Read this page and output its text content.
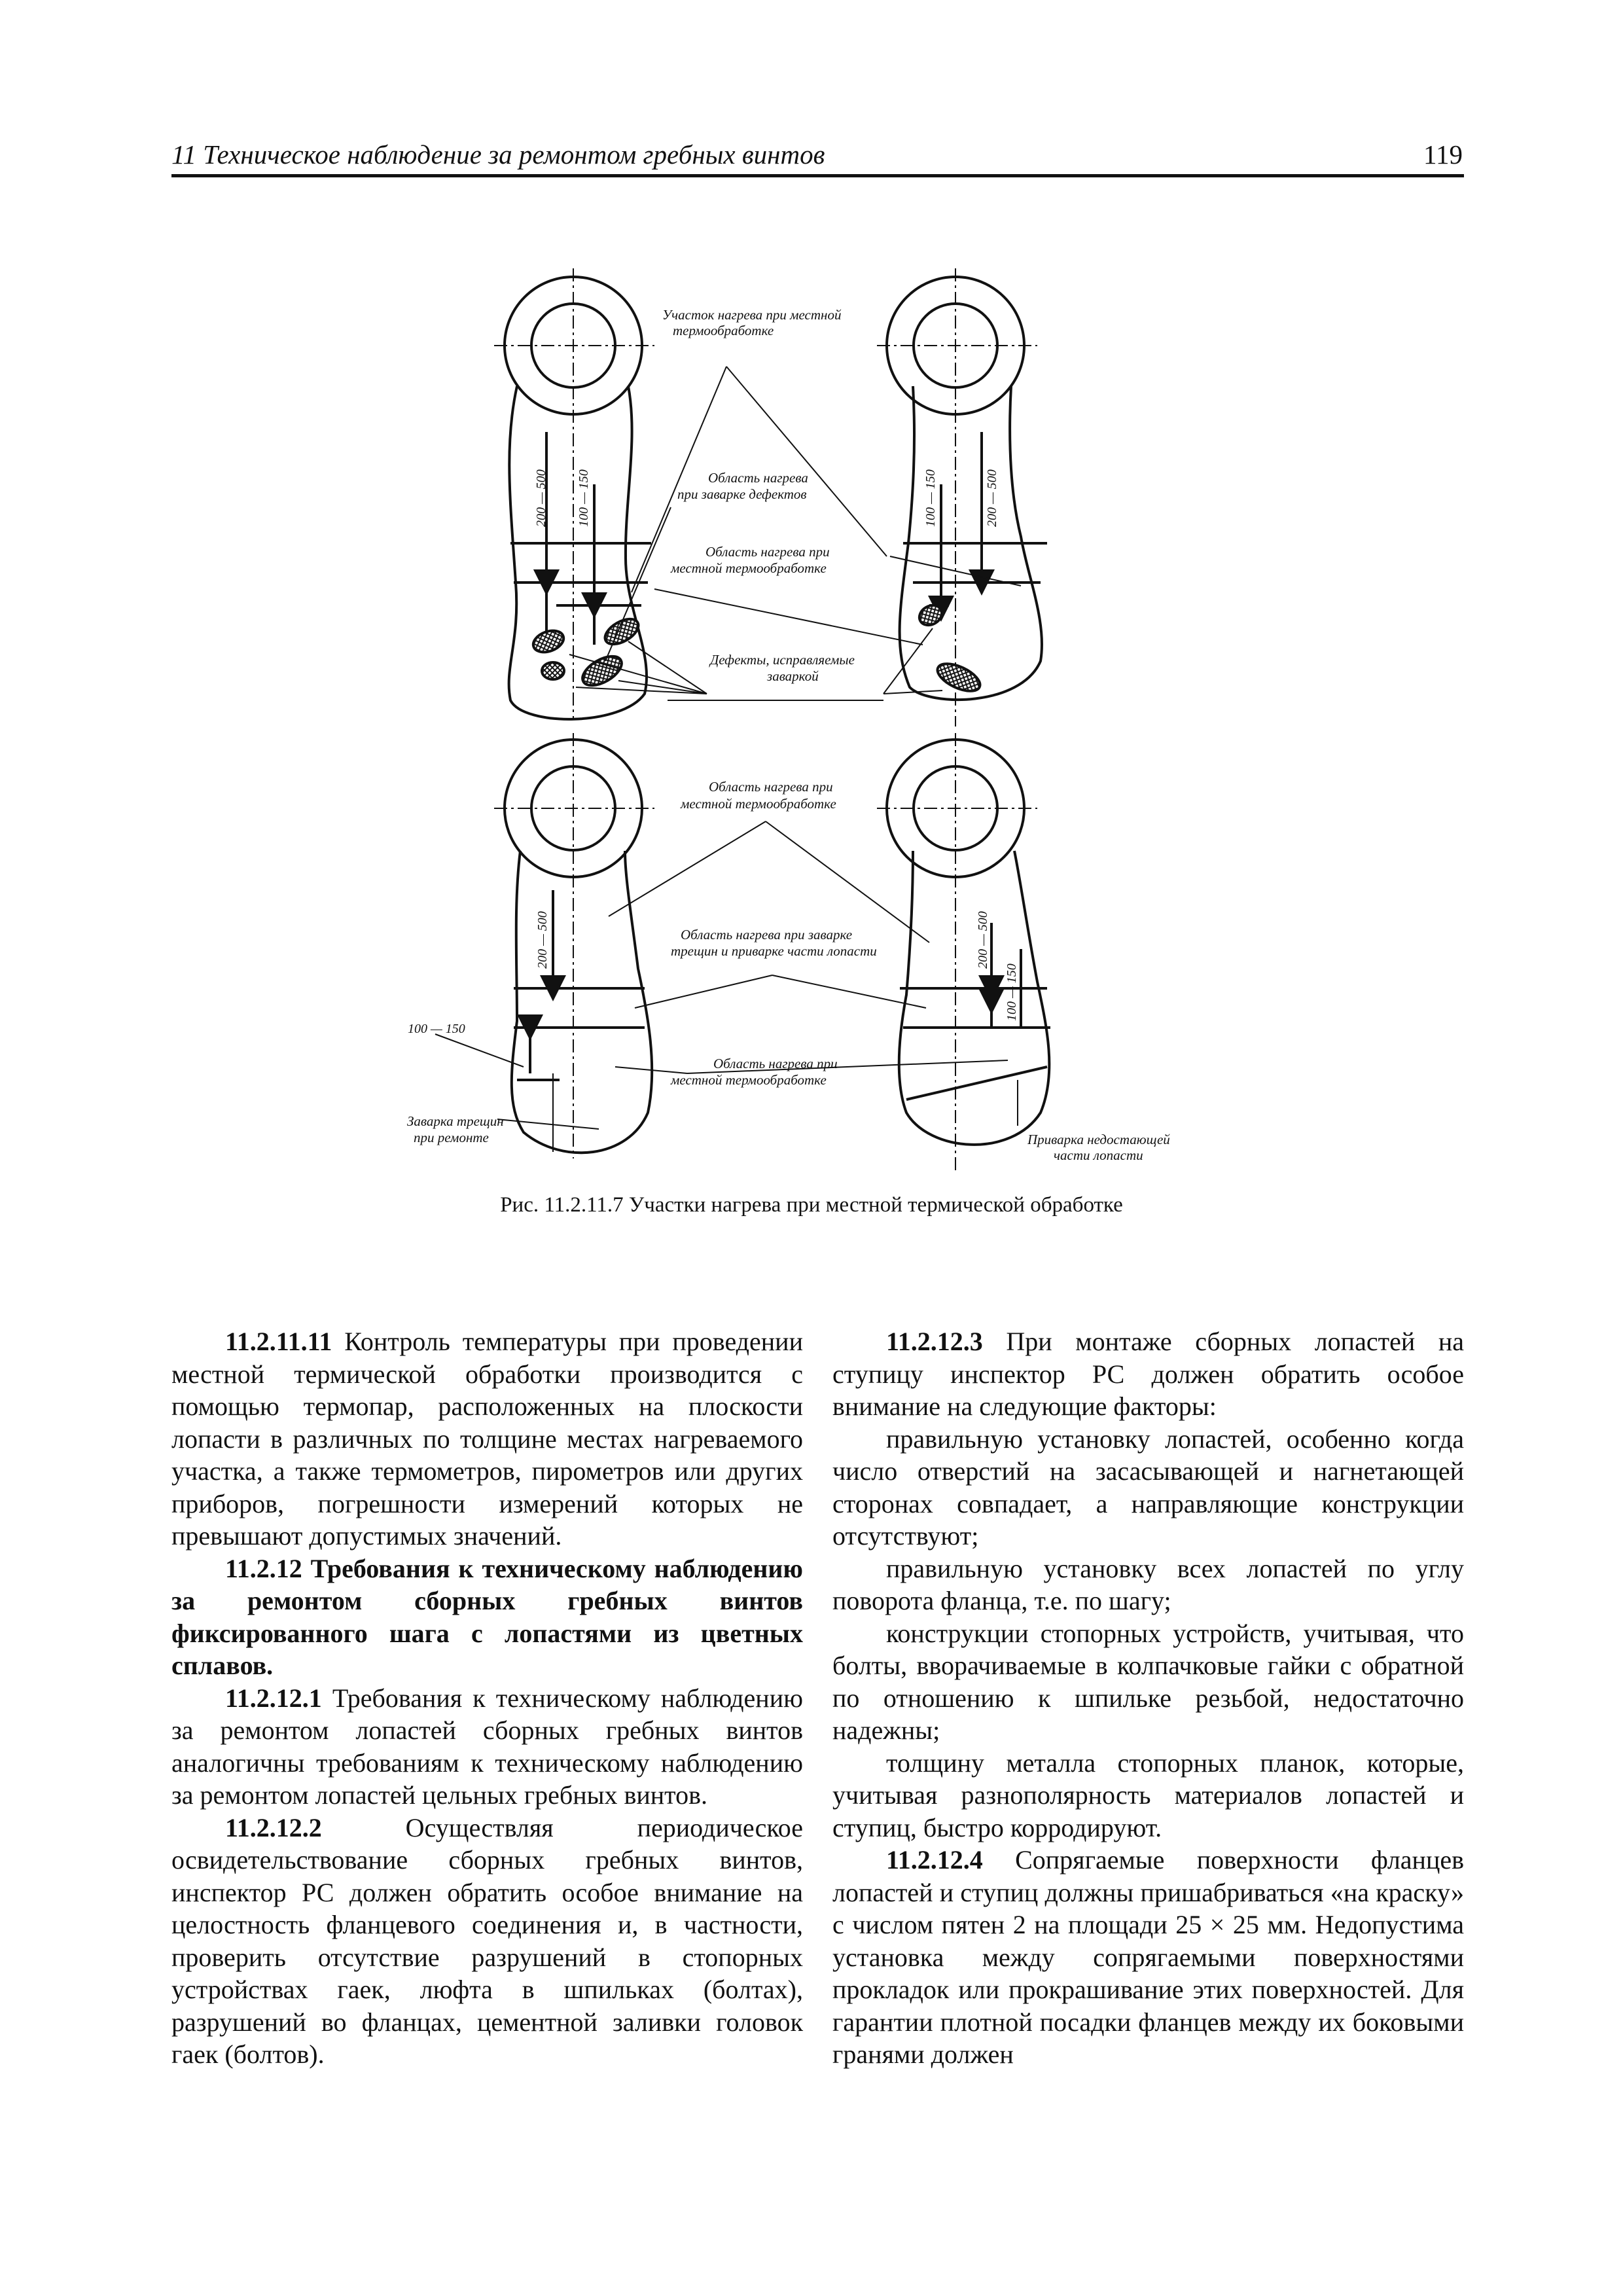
11 Техническое наблюдение за ремонтом гребных винтов	119
Участок нагрева при местной
термообработке
Область нагрева
при заварке дефектов
Область нагрева при
местной термообработке
Дефекты, исправляемые
заваркой
Область нагрева при
местной термообработке
Область нагрева при заварке
трещин и приварке части лопасти
Область нагрева при
местной термообработке
Заварка трещин
при ремонте	Приварка недостающей
части лопасти
200 — 500 100 — 150	100 — 150	200 — 500
200 — 500
100 — 150
200 — 500
100 — 150
Рис. 11.2.11.7 Участки нагрева при местной термической обработке

11.2.11.11 Контроль температуры при проведении местной термической обработки производится с помощью термопар, расположенных на плоскости лопасти в различных по толщине местах нагреваемого участка, а также термометров, пирометров или других приборов, погрешности измерений которых не превышают допустимых значений.

11.2.12 Требования к техническому наблюдению за ремонтом сборных гребных винтов фиксированного шага с лопастями из цветных сплавов.

11.2.12.1 Требования к техническому наблюдению за ремонтом лопастей сборных гребных винтов аналогичны требованиям к техническому наблюдению за ремонтом лопастей цельных гребных винтов.

11.2.12.2 Осуществляя периодическое освидетельствование сборных гребных винтов, инспектор РС должен обратить особое внимание на целостность фланцевого соединения и, в частности, проверить отсутствие разрушений в стопорных устройствах гаек, люфта в шпильках (болтах), разрушений во фланцах, цементной заливки головок гаек (болтов).

11.2.12.3 При монтаже сборных лопастей на ступицу инспектор РС должен обратить особое внимание на следующие факторы:

правильную установку лопастей, особенно когда число отверстий на засасывающей и нагнетающей сторонах совпадает, а направляющие конструкции отсутствуют;

правильную установку всех лопастей по углу поворота фланца, т.е. по шагу;

конструкции стопорных устройств, учитывая, что болты, вворачиваемые в колпачковые гайки с обратной по отношению к шпильке резьбой, недостаточно надежны;

толщину металла стопорных планок, которые, учитывая разнополярность материалов лопастей и ступиц, быстро корродируют.

11.2.12.4 Сопрягаемые поверхности фланцев лопастей и ступиц должны пришабриваться «на краску» с числом пятен 2 на площади 25 × 25 мм. Недопустима установка между сопрягаемыми поверхностями прокладок или прокрашивание этих поверхностей. Для гарантии плотной посадки фланцев между их боковыми гранями должен
